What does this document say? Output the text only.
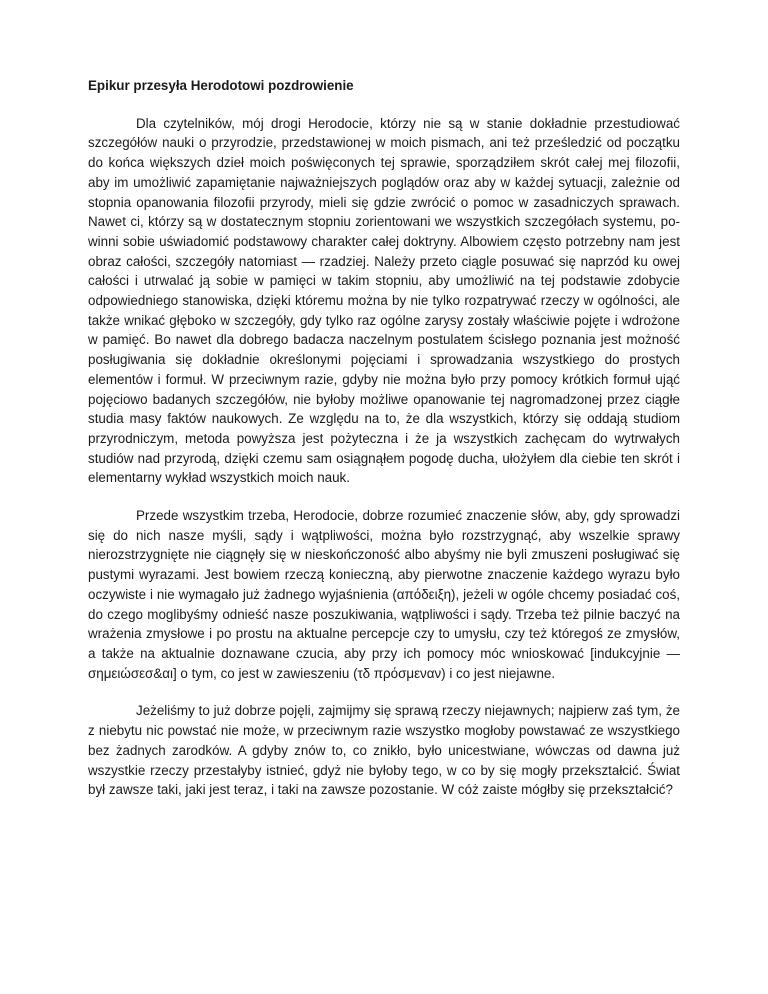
Epikur przesyła Herodotowi pozdrowienie

Dla czytelników, mój drogi Herodocie, którzy nie są w stanie dokładnie przestudiować szczegółów nauki o przyrodzie, przedstawionej w moich pismach, ani też prześledzić od początku do końca większych dzieł moich poświęconych tej sprawie, sporządziłem skrót całej mej filozofii, aby im umożliwić zapamiętanie najważniejszych poglądów oraz aby w każdej sytuacji, zależnie od stopnia opanowania filozofii przyrody, mieli się gdzie zwrócić o pomoc w zasadniczych sprawach. Nawet ci, którzy są w dostatecznym stopniu zorientowani we wszystkich szczegółach systemu, po- winni sobie uświadomić podstawowy charakter całej doktryny. Albowiem często potrzebny nam jest obraz całości, szczegóły natomiast — rzadziej. Należy przeto ciągle posuwać się naprzód ku owej całości i utrwalać ją sobie w pamięci w takim stopniu, aby umożliwić na tej podstawie zdobycie odpowiedniego stanowiska, dzięki któremu można by nie tylko rozpatrywać rzeczy w ogólności, ale także wnikać głęboko w szczegóły, gdy tylko raz ogólne zarysy zostały właściwie pojęte i wdrożone w pamięć. Bo nawet dla dobrego badacza naczelnym postulatem ścisłego poznania jest możność posługiwania się dokładnie określonymi pojęciami i sprowadzania wszystkiego do prostych elementów i formuł. W przeciwnym razie, gdyby nie można było przy pomocy krótkich formuł ująć pojęciowo badanych szczegółów, nie byłoby możliwe opanowanie tej nagromadzonej przez ciągłe studia masy faktów naukowych. Ze względu na to, że dla wszystkich, którzy się oddają studiom przyrodniczym, metoda powyższa jest pożyteczna i że ja wszystkich zachęcam do wytrwałych studiów nad przyrodą, dzięki czemu sam osiągnąłem pogodę ducha, ułożyłem dla ciebie ten skrót i elementarny wykład wszystkich moich nauk.

Przede wszystkim trzeba, Herodocie, dobrze rozumieć znaczenie słów, aby, gdy sprowadzi się do nich nasze myśli, sądy i wątpliwości, można było rozstrzygnąć, aby wszelkie sprawy nierozstrzygnięte nie ciągnęły się w nieskończoność albo abyśmy nie byli zmuszeni posługiwać się pustymi wyrazami. Jest bowiem rzeczą konieczną, aby pierwotne znaczenie każdego wyrazu było oczywiste i nie wymagało już żadnego wyjaśnienia (απόδειξη), jeżeli w ogóle chcemy posiadać coś, do czego moglibyśmy odnieść nasze poszukiwania, wątpliwości i sądy. Trzeba też pilnie baczyć na wrażenia zmysłowe i po prostu na aktualne percepcje czy to umysłu, czy też któregoś ze zmysłów, a także na aktualnie doznawane czucia, aby przy ich pomocy móc wnioskować [indukcyjnie — σημειώσεσ&αι] o tym, co jest w zawieszeniu (τδ πρόσμεναν) i co jest niejawne.

Jeżeliśmy to już dobrze pojęli, zajmijmy się sprawą rzeczy niejawnych; najpierw zaś tym, że z niebytu nic powstać nie może, w przeciwnym razie wszystko mogłoby powstawać ze wszystkiego bez żadnych zarodków. A gdyby znów to, co znikło, było unicestwiane, wówczas od dawna już wszystkie rzeczy przestałyby istnieć, gdyż nie byłoby tego, w co by się mogły przekształcić. Świat był zawsze taki, jaki jest teraz, i taki na zawsze pozostanie. W cóż zaiste mógłby się przekształcić?
